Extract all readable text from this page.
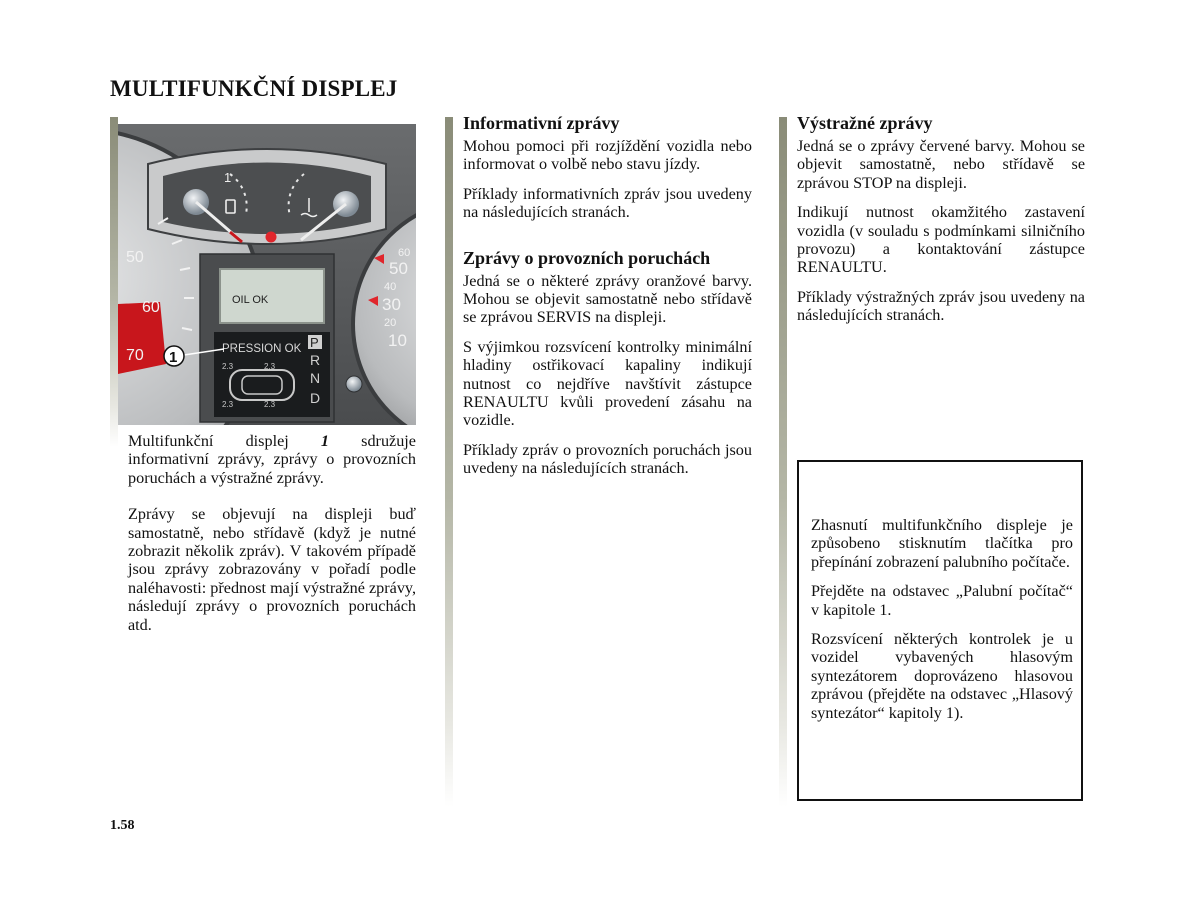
MULTIFUNKČNÍ DISPLEJ
1
OIL OK
PRESSION OK
2.3	2.3
2.3	2.3
P
R
N
D
50
60
70
60
50
40
30
20
10
1

Multifunkční displej 1 sdružuje informativní zprávy, zprávy o provozních poruchách a výstražné zprávy.

Zprávy se objevují na displeji buď samostatně, nebo střídavě (když je nutné zobrazit několik zpráv). V takovém případě jsou zprávy zobrazovány v pořadí podle naléhavosti: přednost mají výstražné zprávy, následují zprávy o provozních poruchách atd.

Informativní zprávy

Mohou pomoci při rozjíždění vozidla nebo informovat o volbě nebo stavu jízdy.

Příklady informativních zpráv jsou uvedeny na následujících stranách.

Zprávy o provozních poruchách

Jedná se o některé zprávy oranžové barvy. Mohou se objevit samostatně nebo střídavě se zprávou SERVIS na displeji.

S výjimkou rozsvícení kontrolky minimální hladiny ostřikovací kapaliny indikují nutnost co nejdříve navštívit zástupce RENAULTU kvůli provedení zásahu na vozidle.

Příklady zpráv o provozních poruchách jsou uvedeny na následujících stranách.

Výstražné zprávy

Jedná se o zprávy červené barvy. Mohou se objevit samostatně, nebo střídavě se zprávou STOP na displeji.

Indikují nutnost okamžitého zastavení vozidla (v souladu s podmínkami silničního provozu) a kontaktování zástupce RENAULTU.

Příklady výstražných zpráv jsou uvedeny na následujících stranách.

Zhasnutí multifunkčního displeje je způsobeno stisknutím tlačítka pro přepínání zobrazení palubního počítače.

Přejděte na odstavec „Palubní počítač“ v kapitole 1.

Rozsvícení některých kontrolek je u vozidel vybavených hlasovým syntezátorem doprovázeno hlasovou zprávou (přejděte na odstavec „Hlasový syntezátor“ kapitoly 1).

1.58
